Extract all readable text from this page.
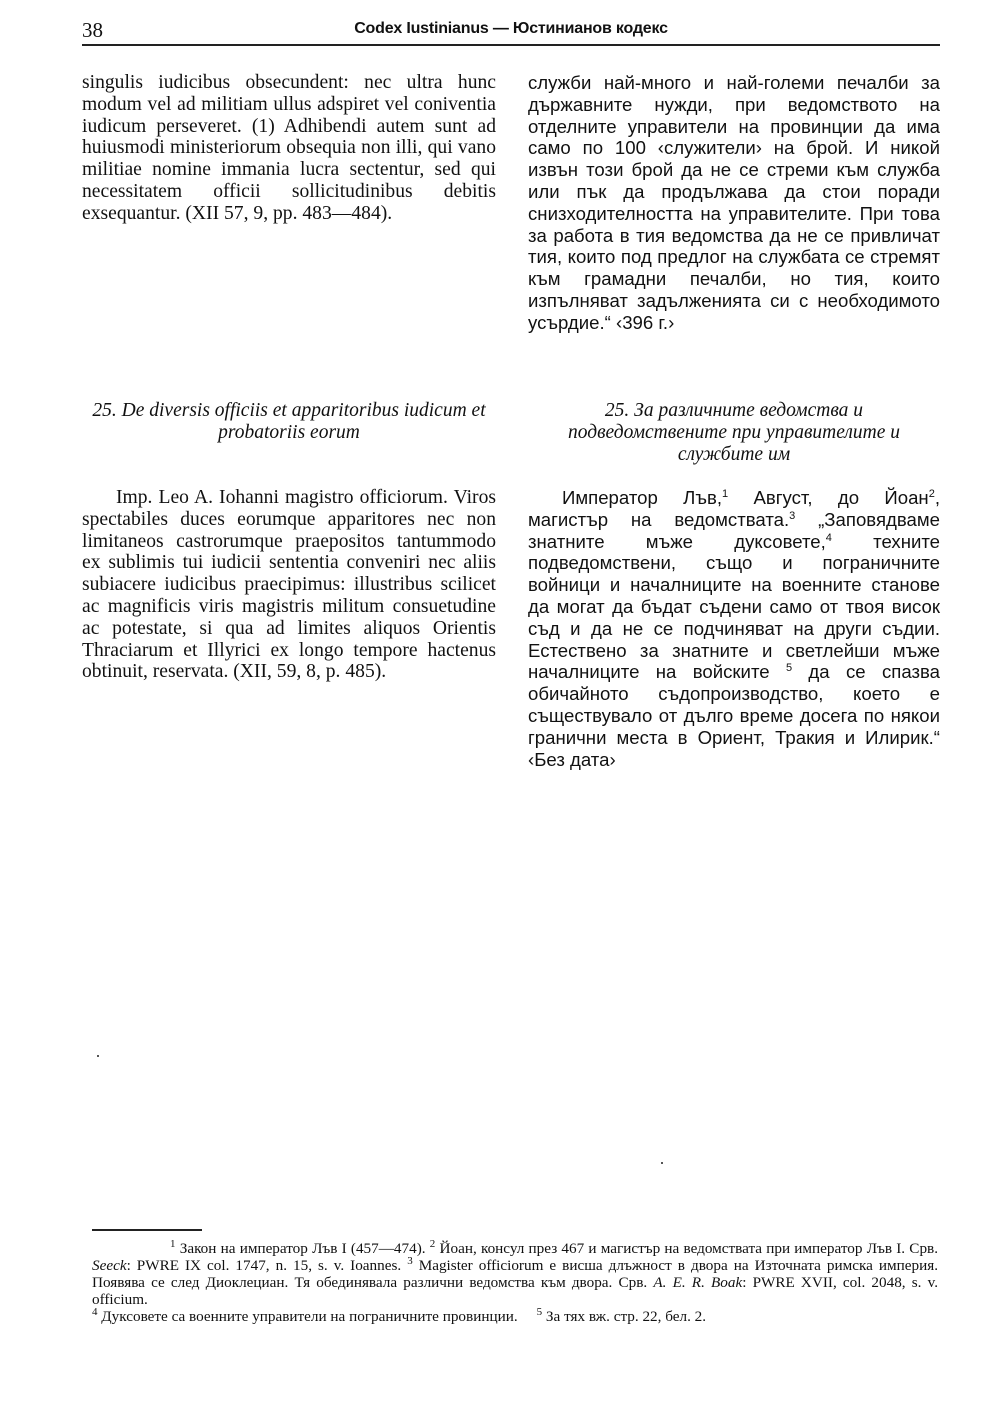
38	Codex Iustinianus — Юстинианов кодекс

singulis iudicibus obsecundent: nec ultra hunc modum vel ad militiam ullus adspiret vel coniventia iudicum perseveret. (1) Adhibendi autem sunt ad huiusmodi ministeriorum obsequia non illi, qui vano militiae nomine immania lucra sectentur, sed qui necessitatem officii sollicitudinibus debitis exsequantur. (XII 57, 9, pp. 483—484).

служби най-много и най-големи печалби за държавните нужди, при ведомството на отделните управители на провинции да има само по 100 ‹служители› на брой. И никой извън този брой да не се стреми към служба или пък да продължава да стои поради снизходителността на управителите. При това за работа в тия ведомства да не се привличат тия, които под предлог на службата се стремят към грамадни печалби, но тия, които изпълняват задълженията си с необходимото усърдие.“ ‹396 г.›

25. De diversis officiis et apparitoribus iudicum et probatoriis eorum
25. За различните ведомства и подведомствените при управителите и службите им

Imp. Leo A. Iohanni magistro officiorum. Viros spectabiles duces eorumque apparitores nec non limitaneos castrorumque praepositos tantummodo ex sublimis tui iudicii sententia conveniri nec aliis subiacere iudicibus praecipimus: illustribus scilicet ac magnificis viris magistris militum consuetudine ac potestate, si qua ad limites aliquos Orientis Thraciarum et Illyrici ex longo tempore hactenus obtinuit, reservata. (XII, 59, 8, p. 485).

Император Лъв,$^1$ Август, до Йоан$^2$, магистър на ведомствата.$^3$ „Заповядваме знатните мъже дуксовете,$^4$ техните подведомствени, също и пограничните войници и началниците на военните станове да могат да бъдат съдени само от твоя висок съд и да не се подчиняват на други съдии. Естествено за знатните и светлейши мъже началниците на войските $^5$ да се спазва обичайното съдопроизводство, което е съществувало от дълго време досега по някои гранични места в Ориент, Тракия и Илирик.“ ‹Без дата›

$^1$ Закон на император Лъв I (457—474). $^2$ Йоан, консул през 467 и магистър на ведомствата при император Лъв I. Срв. Seeck: PWRE IX col. 1747, n. 15, s. v. Ioannes. $^3$ Magister officiorum е висша длъжност в двора на Източната римска империя. Появява се след Диоклециан. Тя обединявала различни ведомства към двора. Срв. A. E. R. Boak: PWRE XVII, col. 2048, s. v. officium.
$^4$ Дуксовете са военните управители на пограничните провинции.     $^5$ За тях вж. стр. 22, бел. 2.
